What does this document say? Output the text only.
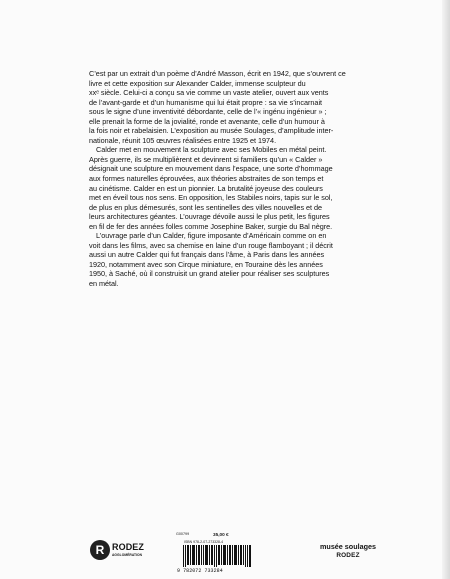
C’est par un extrait d’un poème d’André Masson, écrit en 1942, que s’ouvrent ce
livre et cette exposition sur Alexander Calder, immense sculpteur du
xxᵉ siècle. Celui-ci a conçu sa vie comme un vaste atelier, ouvert aux vents
de l’avant-garde et d’un humanisme qui lui était propre : sa vie s’incarnait
sous le signe d’une inventivité débordante, celle de l’« ingénu ingénieur » ;
elle prenait la forme de la jovialité, ronde et avenante, celle d’un humour à
la fois noir et rabelaisien. L’exposition au musée Soulages, d’amplitude inter-
nationale, réunit 105 œuvres réalisées entre 1925 et 1974.
Calder met en mouvement la sculpture avec ses Mobiles en métal peint.
Après guerre, ils se multiplièrent et devinrent si familiers qu’un « Calder »
désignait une sculpture en mouvement dans l’espace, une sorte d’hommage
aux formes naturelles éprouvées, aux théories abstraites de son temps et
au cinétisme. Calder en est un pionnier. La brutalité joyeuse des couleurs
met en éveil tous nos sens. En opposition, les Stabiles noirs, tapis sur le sol,
de plus en plus démesurés, sont les sentinelles des villes nouvelles et de
leurs architectures géantes. L’ouvrage dévoile aussi le plus petit, les figures
en fil de fer des années folles comme Josephine Baker, surgie du Bal nègre.
L’ouvrage parle d’un Calder, figure imposante d’Américain comme on en
voit dans les films, avec sa chemise en laine d’un rouge flamboyant ; il décrit
aussi un autre Calder qui fut français dans l’âme, à Paris dans les années
1920, notamment avec son Cirque miniature, en Touraine dès les années
1950, à Saché, où il construisit un grand atelier pour réaliser ses sculptures
en métal.
G00799	35,00 €
ISBN 978-2-07-273328-4
9 782072 733284
R RODEZ
AGGLOMÉRATION
musée soulages
RODEZ
